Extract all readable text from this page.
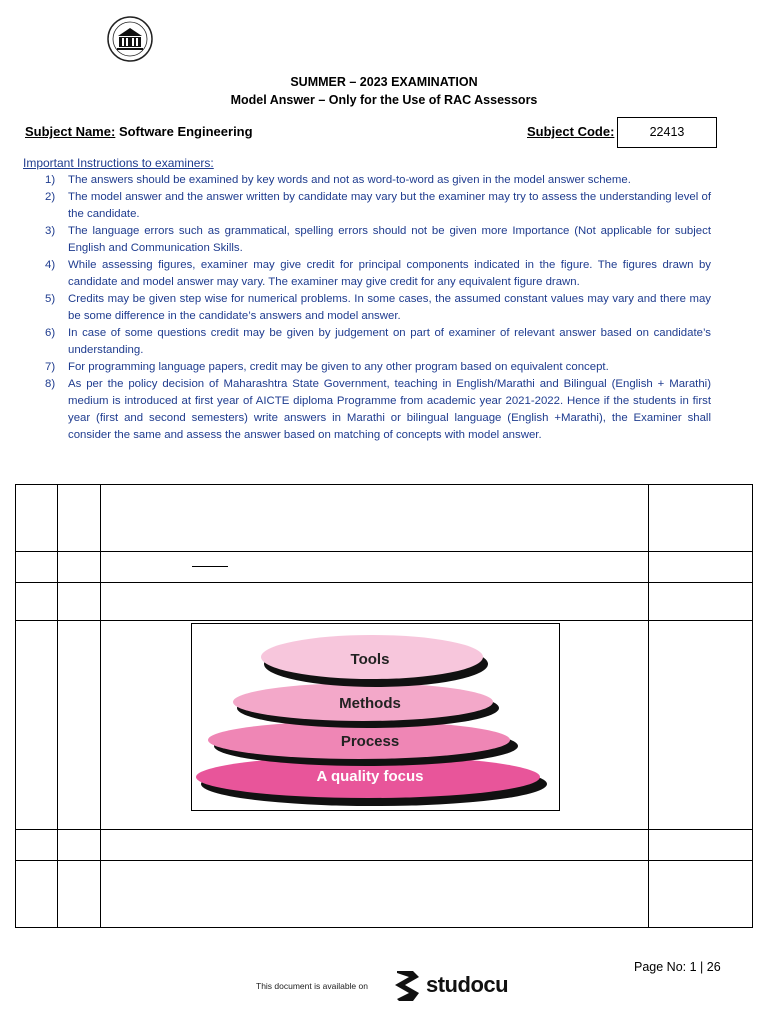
SUMMER – 2023 EXAMINATION
Model Answer – Only for the Use of RAC Assessors
Subject Name: Software Engineering	Subject Code:	22413
Important Instructions to examiners:
1) The answers should be examined by key words and not as word-to-word as given in the model answer scheme.
2) The model answer and the answer written by candidate may vary but the examiner may try to assess the understanding level of the candidate.
3) The language errors such as grammatical, spelling errors should not be given more Importance (Not applicable for subject English and Communication Skills.
4) While assessing figures, examiner may give credit for principal components indicated in the figure. The figures drawn by candidate and model answer may vary. The examiner may give credit for any equivalent figure drawn.
5) Credits may be given step wise for numerical problems. In some cases, the assumed constant values may vary and there may be some difference in the candidate’s answers and model answer.
6) In case of some questions credit may be given by judgement on part of examiner of relevant answer based on candidate’s understanding.
7) For programming language papers, credit may be given to any other program based on equivalent concept.
8) As per the policy decision of Maharashtra State Government, teaching in English/Marathi and Bilingual (English + Marathi) medium is introduced at first year of AICTE diploma Programme from academic year 2021-2022. Hence if the students in first year (first and second semesters) write answers in Marathi or bilingual language (English +Marathi), the Examiner shall consider the same and assess the answer based on matching of concepts with model answer.
Tools
Methods
Process
A quality focus
Page No: 1 | 26
This document is available on	studocu
